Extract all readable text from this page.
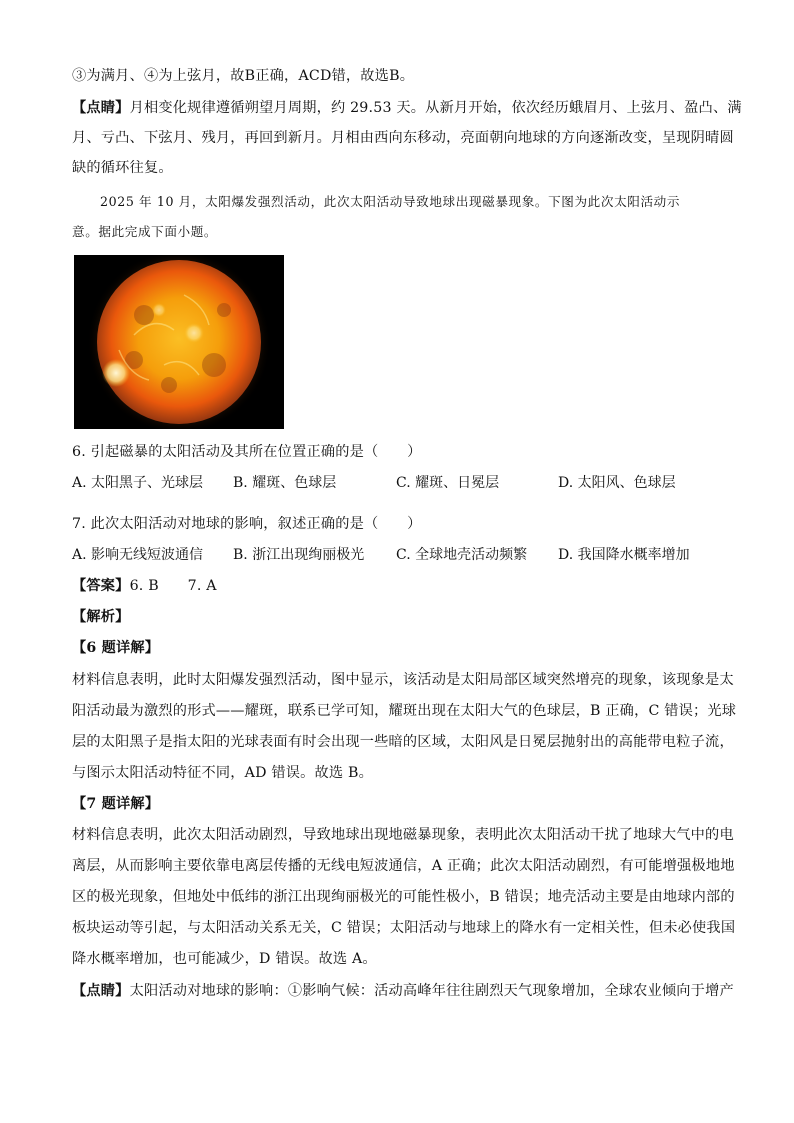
③为满月、④为上弦月，故B正确，ACD错，故选B。
【点睛】月相变化规律遵循朔望月周期，约 29.53 天。从新月开始，依次经历蛾眉月、上弦月、盈凸、满
月、亏凸、下弦月、残月，再回到新月。月相由西向东移动，亮面朝向地球的方向逐渐改变，呈现阴晴圆
缺的循环往复。
2025 年 10 月，太阳爆发强烈活动，此次太阳活动导致地球出现磁暴现象。下图为此次太阳活动示
意。据此完成下面小题。
6. 引起磁暴的太阳活动及其所在位置正确的是（　　）
A. 太阳黑子、光球层 B. 耀斑、色球层	C. 耀斑、日冕层	D. 太阳风、色球层
7. 此次太阳活动对地球的影响，叙述正确的是（　　）
A. 影响无线短波通信 B. 浙江出现绚丽极光 C. 全球地壳活动频繁 D. 我国降水概率增加
【答案】6. B　　7. A
【解析】
【6 题详解】
材料信息表明，此时太阳爆发强烈活动，图中显示，该活动是太阳局部区域突然增亮的现象，该现象是太
阳活动最为激烈的形式——耀斑，联系已学可知，耀斑出现在太阳大气的色球层，B 正确，C 错误；光球
层的太阳黑子是指太阳的光球表面有时会出现一些暗的区域，太阳风是日冕层抛射出的高能带电粒子流，
与图示太阳活动特征不同，AD 错误。故选 B。
【7 题详解】
材料信息表明，此次太阳活动剧烈，导致地球出现地磁暴现象，表明此次太阳活动干扰了地球大气中的电
离层，从而影响主要依靠电离层传播的无线电短波通信，A 正确；此次太阳活动剧烈，有可能增强极地地
区的极光现象，但地处中低纬的浙江出现绚丽极光的可能性极小，B 错误；地壳活动主要是由地球内部的
板块运动等引起，与太阳活动关系无关，C 错误；太阳活动与地球上的降水有一定相关性，但未必使我国
降水概率增加，也可能减少，D 错误。故选 A。
【点睛】太阳活动对地球的影响：①影响气候：活动高峰年往往剧烈天气现象增加，全球农业倾向于增产
